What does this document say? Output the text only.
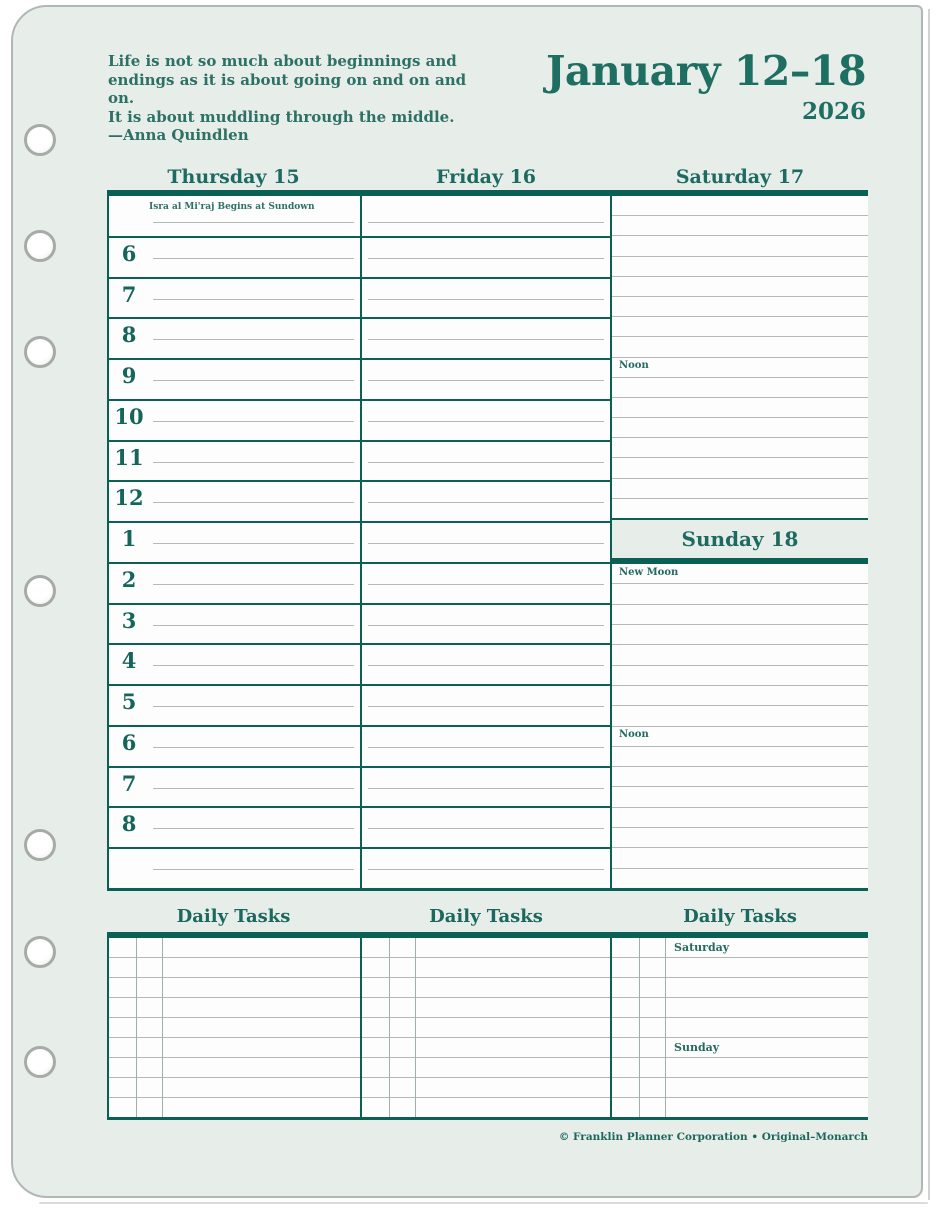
Life is not so much about beginnings and
endings as it is about going on and on and on.
It is about muddling through the middle.
—Anna Quindlen
January 12–18
2026
Thursday 15	Friday 16	Saturday 17
Isra al Mi'raj Begins at Sundown
6
7
8
9
10
11
12
1
2
3
4
5
6
7
8
Noon
Sunday 18
New Moon
Noon
Daily Tasks	Daily Tasks	Daily Tasks
Saturday
Sunday
© Franklin Planner Corporation • Original–Monarch
